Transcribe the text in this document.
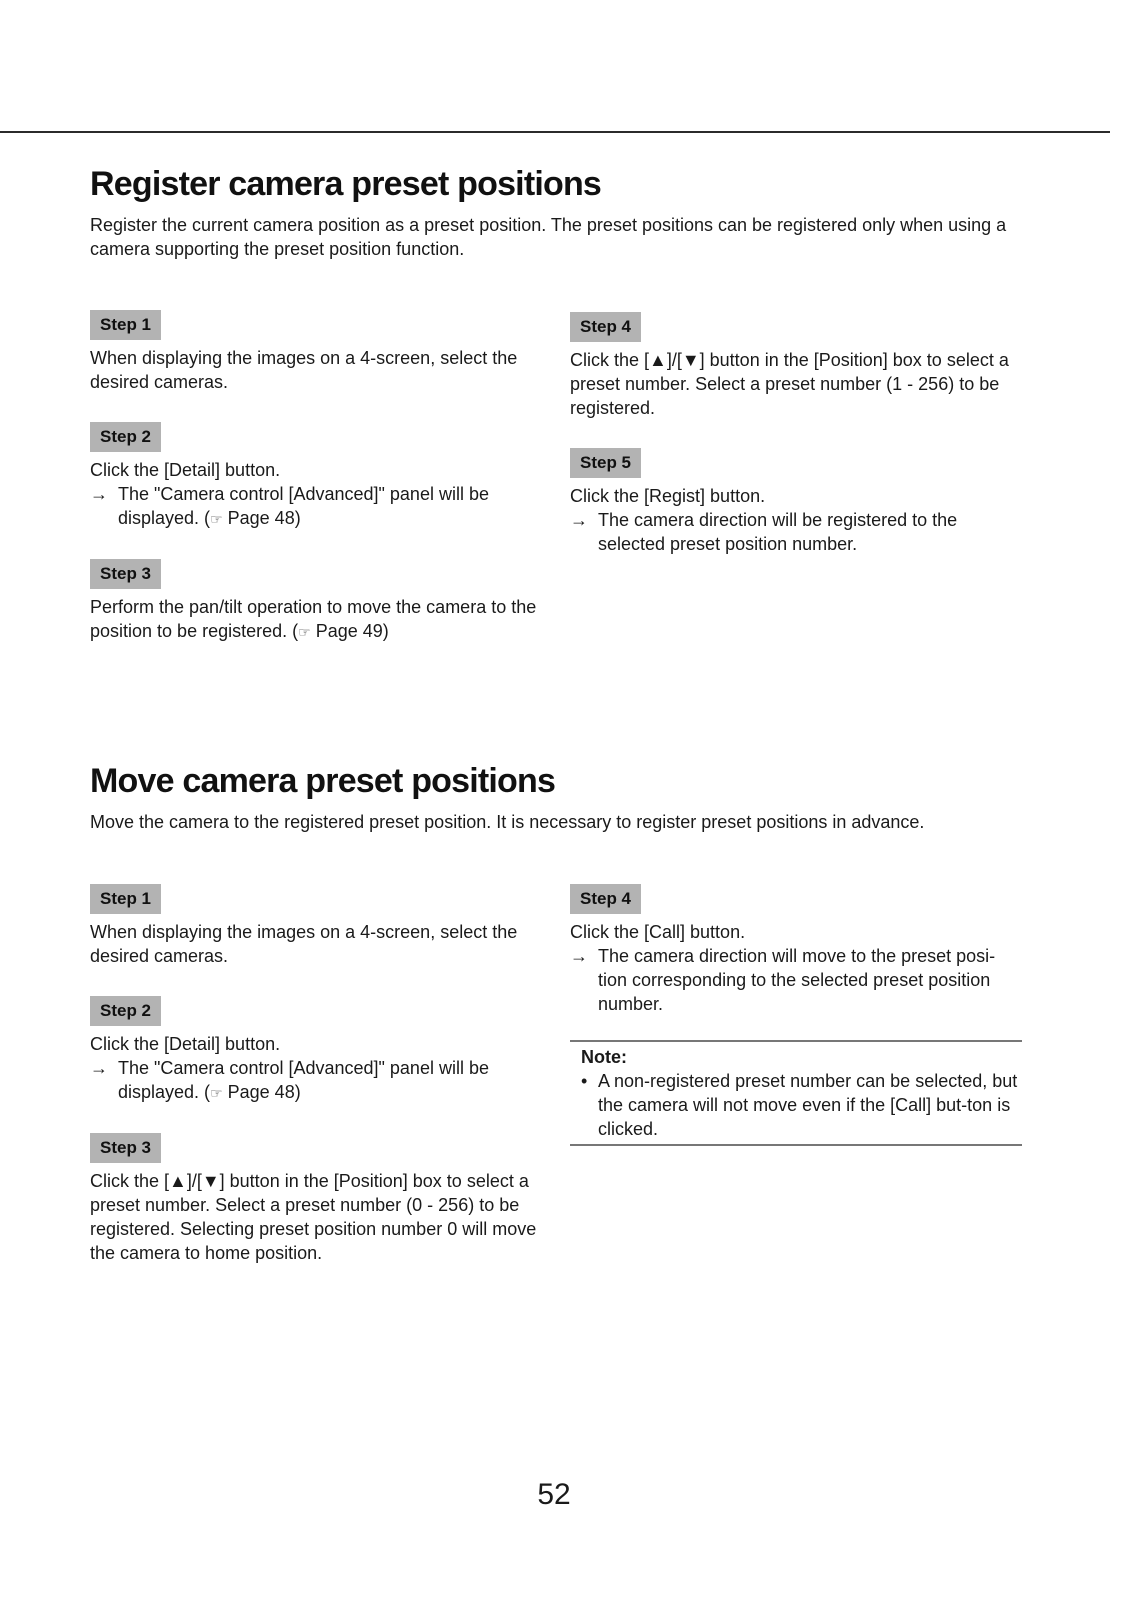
Register camera preset positions

Register the current camera position as a preset position. The preset positions can be registered only when using a camera supporting the preset position function.

Step 1

When displaying the images on a 4-screen, select the desired cameras.

Step 2

Click the [Detail] button.

→ The "Camera control [Advanced]" panel will be displayed. (☞ Page 48)
Step 3

Perform the pan/tilt operation to move the camera to the position to be registered. (☞ Page 49)

Step 4

Click the [▲]/[▼] button in the [Position] box to select a preset number. Select a preset number (1 - 256) to be registered.

Step 5

Click the [Regist] button.

→ The camera direction will be registered to the selected preset position number.
Move camera preset positions

Move the camera to the registered preset position. It is necessary to register preset positions in advance.

Step 1

When displaying the images on a 4-screen, select the desired cameras.

Step 2

Click the [Detail] button.

→ The "Camera control [Advanced]" panel will be displayed. (☞ Page 48)
Step 3

Click the [▲]/[▼] button in the [Position] box to select a preset number. Select a preset number (0 - 256) to be registered. Selecting preset position number 0 will move the camera to home position.

Step 4

Click the [Call] button.

→ The camera direction will move to the preset posi-tion corresponding to the selected preset position number.
Note:
• A non-registered preset number can be selected, but the camera will not move even if the [Call] but-ton is clicked.
52
